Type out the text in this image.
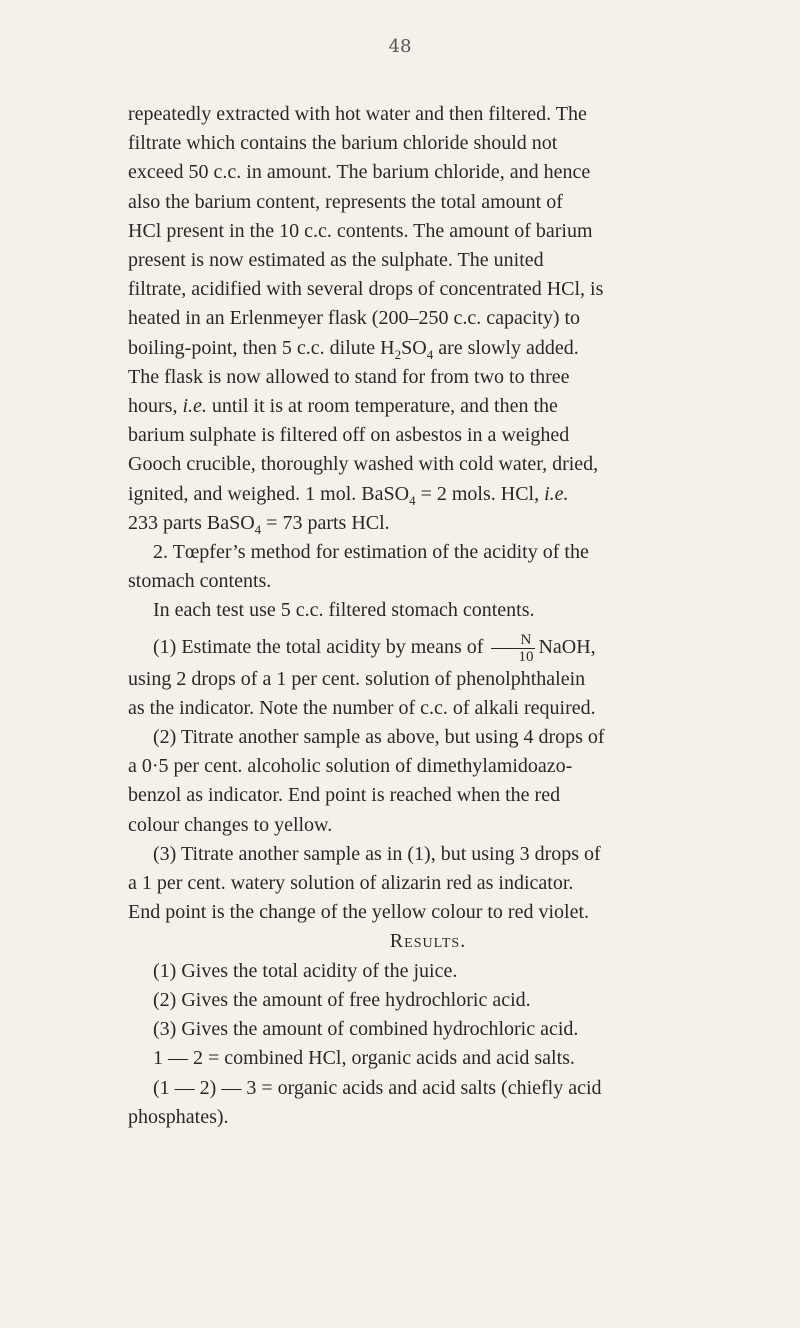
48

repeatedly extracted with hot water and then filtered. The

filtrate which contains the barium chloride should not

exceed 50 c.c. in amount. The barium chloride, and hence

also the barium content, represents the total amount of

HCl present in the 10 c.c. contents. The amount of barium

present is now estimated as the sulphate. The united

filtrate, acidified with several drops of concentrated HCl, is

heated in an Erlenmeyer flask (200–250 c.c. capacity) to

boiling-point, then 5 c.c. dilute $H_2SO_4$ are slowly added.

The flask is now allowed to stand for from two to three

hours, i.e. until it is at room temperature, and then the

barium sulphate is filtered off on asbestos in a weighed

Gooch crucible, thoroughly washed with cold water, dried,

ignited, and weighed. 1 mol. BaSO$_4$ = 2 mols. HCl, i.e.

233 parts BaSO$_4$ = 73 parts HCl.

2. Tœpfer’s method for estimation of the acidity of the

stomach contents.

In each test use 5 c.c. filtered stomach contents.

(1) Estimate the total acidity by means of $\frac{N}{10}$ NaOH,

using 2 drops of a 1 per cent. solution of phenolphthalein

as the indicator. Note the number of c.c. of alkali required.

(2) Titrate another sample as above, but using 4 drops of

a 0·5 per cent. alcoholic solution of dimethylamidoazo-

benzol as indicator. End point is reached when the red

colour changes to yellow.

(3) Titrate another sample as in (1), but using 3 drops of

a 1 per cent. watery solution of alizarin red as indicator.

End point is the change of the yellow colour to red violet.

Results.

(1) Gives the total acidity of the juice.

(2) Gives the amount of free hydrochloric acid.

(3) Gives the amount of combined hydrochloric acid.

1 — 2 = combined HCl, organic acids and acid salts.

(1 — 2) — 3 = organic acids and acid salts (chiefly acid

phosphates).
